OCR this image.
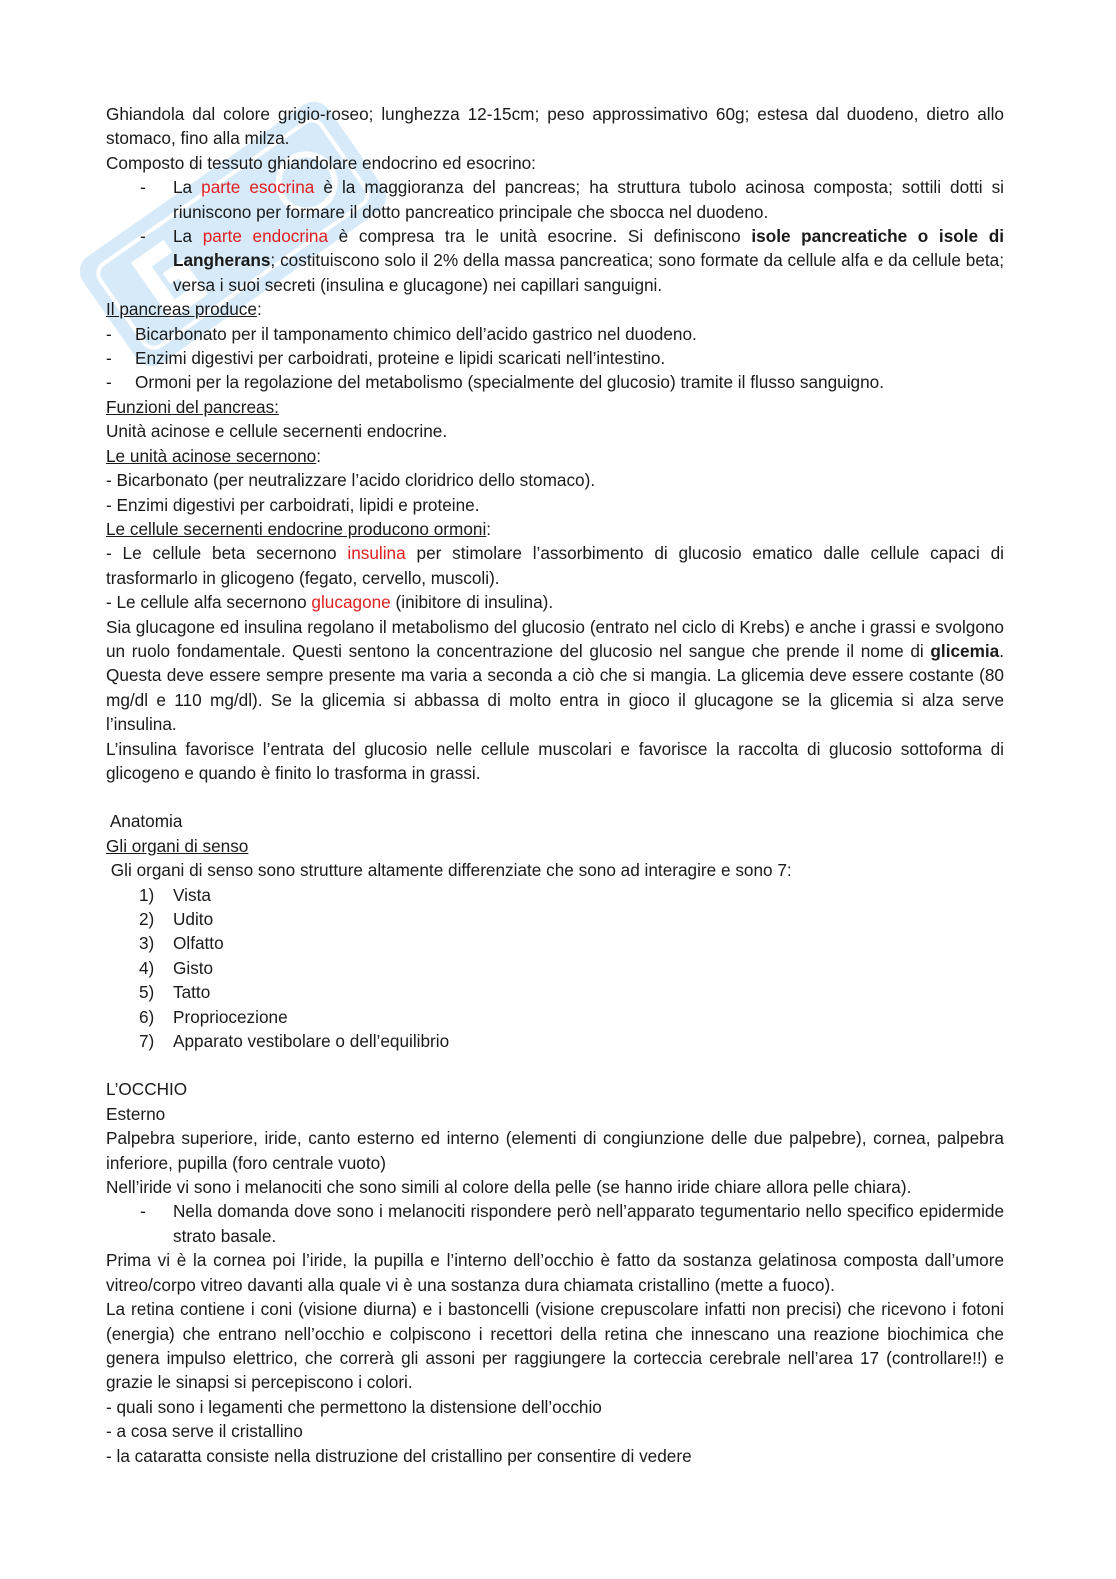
Ghiandola dal colore grigio-roseo; lunghezza 12-15cm; peso approssimativo 60g; estesa dal duodeno, dietro allo stomaco, fino alla milza.

Composto di tessuto ghiandolare endocrino ed esocrino:

- La parte esocrina è la maggioranza del pancreas; ha struttura tubolo acinosa composta; sottili dotti si riuniscono per formare il dotto pancreatico principale che sbocca nel duodeno.

- La parte endocrina è compresa tra le unità esocrine. Si definiscono isole pancreatiche o isole di Langherans; costituiscono solo il 2% della massa pancreatica; sono formate da cellule alfa e da cellule beta; versa i suoi secreti (insulina e glucagone) nei capillari sanguigni.

Il pancreas produce:

- Bicarbonato per il tamponamento chimico dell’acido gastrico nel duodeno.

- Enzimi digestivi per carboidrati, proteine e lipidi scaricati nell’intestino.

- Ormoni per la regolazione del metabolismo (specialmente del glucosio) tramite il flusso sanguigno.

Funzioni del pancreas:

Unità acinose e cellule secernenti endocrine.

Le unità acinose secernono:

- Bicarbonato (per neutralizzare l’acido cloridrico dello stomaco).

- Enzimi digestivi per carboidrati, lipidi e proteine.

Le cellule secernenti endocrine producono ormoni:

- Le cellule beta secernono insulina per stimolare l’assorbimento di glucosio ematico dalle cellule capaci di trasformarlo in glicogeno (fegato, cervello, muscoli).

- Le cellule alfa secernono glucagone (inibitore di insulina).

Sia glucagone ed insulina regolano il metabolismo del glucosio (entrato nel ciclo di Krebs) e anche i grassi e svolgono un ruolo fondamentale. Questi sentono la concentrazione del glucosio nel sangue che prende il nome di glicemia. Questa deve essere sempre presente ma varia a seconda a ciò che si mangia. La glicemia deve essere costante (80 mg/dl e 110 mg/dl). Se la glicemia si abbassa di molto entra in gioco il glucagone se la glicemia si alza serve l’insulina.

L’insulina favorisce l’entrata del glucosio nelle cellule muscolari e favorisce la raccolta di glucosio sottoforma di glicogeno e quando è finito lo trasforma in grassi.

Anatomia

Gli organi di senso

Gli organi di senso sono strutture altamente differenziate che sono ad interagire e sono 7:

1) Vista

2) Udito

3) Olfatto

4) Gisto

5) Tatto

6) Propriocezione

7) Apparato vestibolare o dell’equilibrio

L’OCCHIO

Esterno

Palpebra superiore, iride, canto esterno ed interno (elementi di congiunzione delle due palpebre), cornea, palpebra inferiore, pupilla (foro centrale vuoto)

Nell’iride vi sono i melanociti che sono simili al colore della pelle (se hanno iride chiare allora pelle chiara).

- Nella domanda dove sono i melanociti rispondere però nell’apparato tegumentario nello specifico epidermide strato basale.

Prima vi è la cornea poi l’iride, la pupilla e l’interno dell’occhio è fatto da sostanza gelatinosa composta dall’umore vitreo/corpo vitreo davanti alla quale vi è una sostanza dura chiamata cristallino (mette a fuoco).

La retina contiene i coni (visione diurna) e i bastoncelli (visione crepuscolare infatti non precisi) che ricevono i fotoni (energia) che entrano nell’occhio e colpiscono i recettori della retina che innescano una reazione biochimica che genera impulso elettrico, che correrà gli assoni per raggiungere la corteccia cerebrale nell’area 17 (controllare!!) e grazie le sinapsi si percepiscono i colori.

- quali sono i legamenti che permettono la distensione dell’occhio

- a cosa serve il cristallino

- la cataratta consiste nella distruzione del cristallino per consentire di vedere
